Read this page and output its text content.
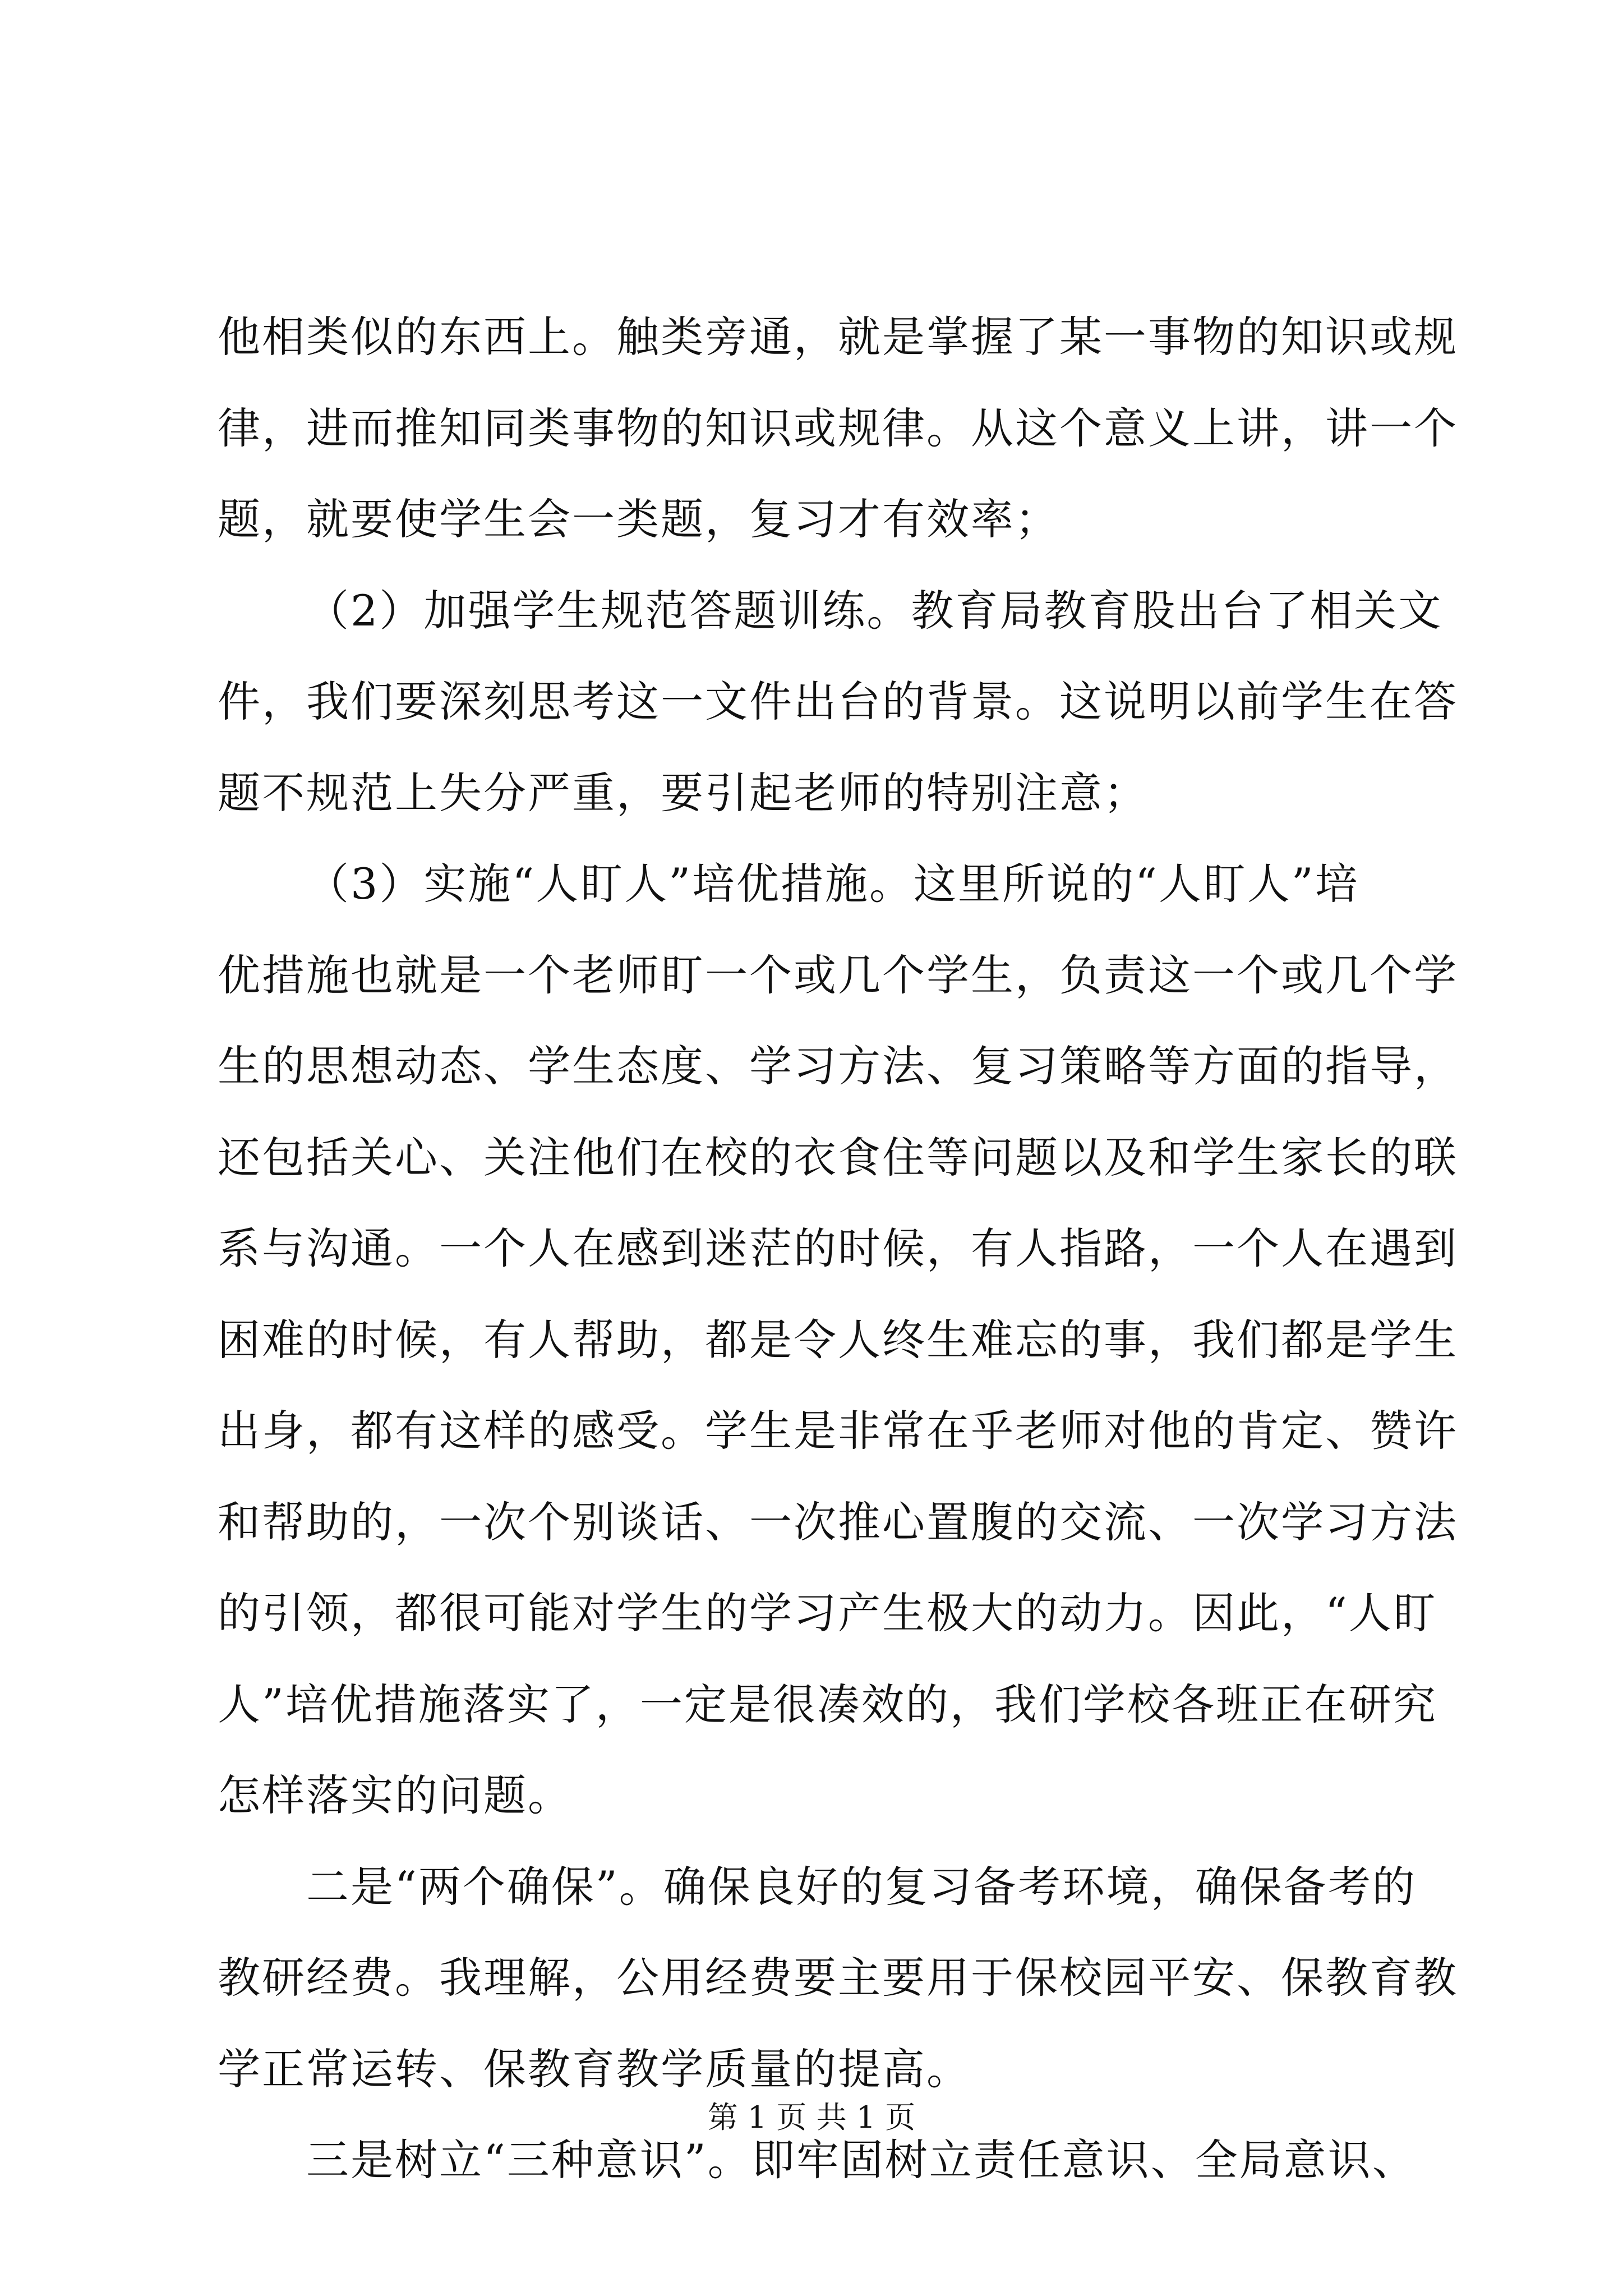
他相类似的东西上。触类旁通，就是掌握了某一事物的知识或规
律，进而推知同类事物的知识或规律。从这个意义上讲，讲一个
题，就要使学生会一类题，复习才有效率；
（2）加强学生规范答题训练。教育局教育股出台了相关文
件，我们要深刻思考这一文件出台的背景。这说明以前学生在答
题不规范上失分严重，要引起老师的特别注意；
（3）实施“人盯人”培优措施。这里所说的“人盯人”培
优措施也就是一个老师盯一个或几个学生，负责这一个或几个学
生的思想动态、学生态度、学习方法、复习策略等方面的指导，
还包括关心、关注他们在校的衣食住等问题以及和学生家长的联
系与沟通。一个人在感到迷茫的时候，有人指路，一个人在遇到
困难的时候，有人帮助，都是令人终生难忘的事，我们都是学生
出身，都有这样的感受。学生是非常在乎老师对他的肯定、赞许
和帮助的，一次个别谈话、一次推心置腹的交流、一次学习方法
的引领，都很可能对学生的学习产生极大的动力。因此，“人盯
人”培优措施落实了，一定是很凑效的，我们学校各班正在研究
怎样落实的问题。
二是“两个确保”。确保良好的复习备考环境，确保备考的
教研经费。我理解，公用经费要主要用于保校园平安、保教育教
学正常运转、保教育教学质量的提高。
三是树立“三种意识”。即牢固树立责任意识、全局意识、
第 1 页 共 1 页
